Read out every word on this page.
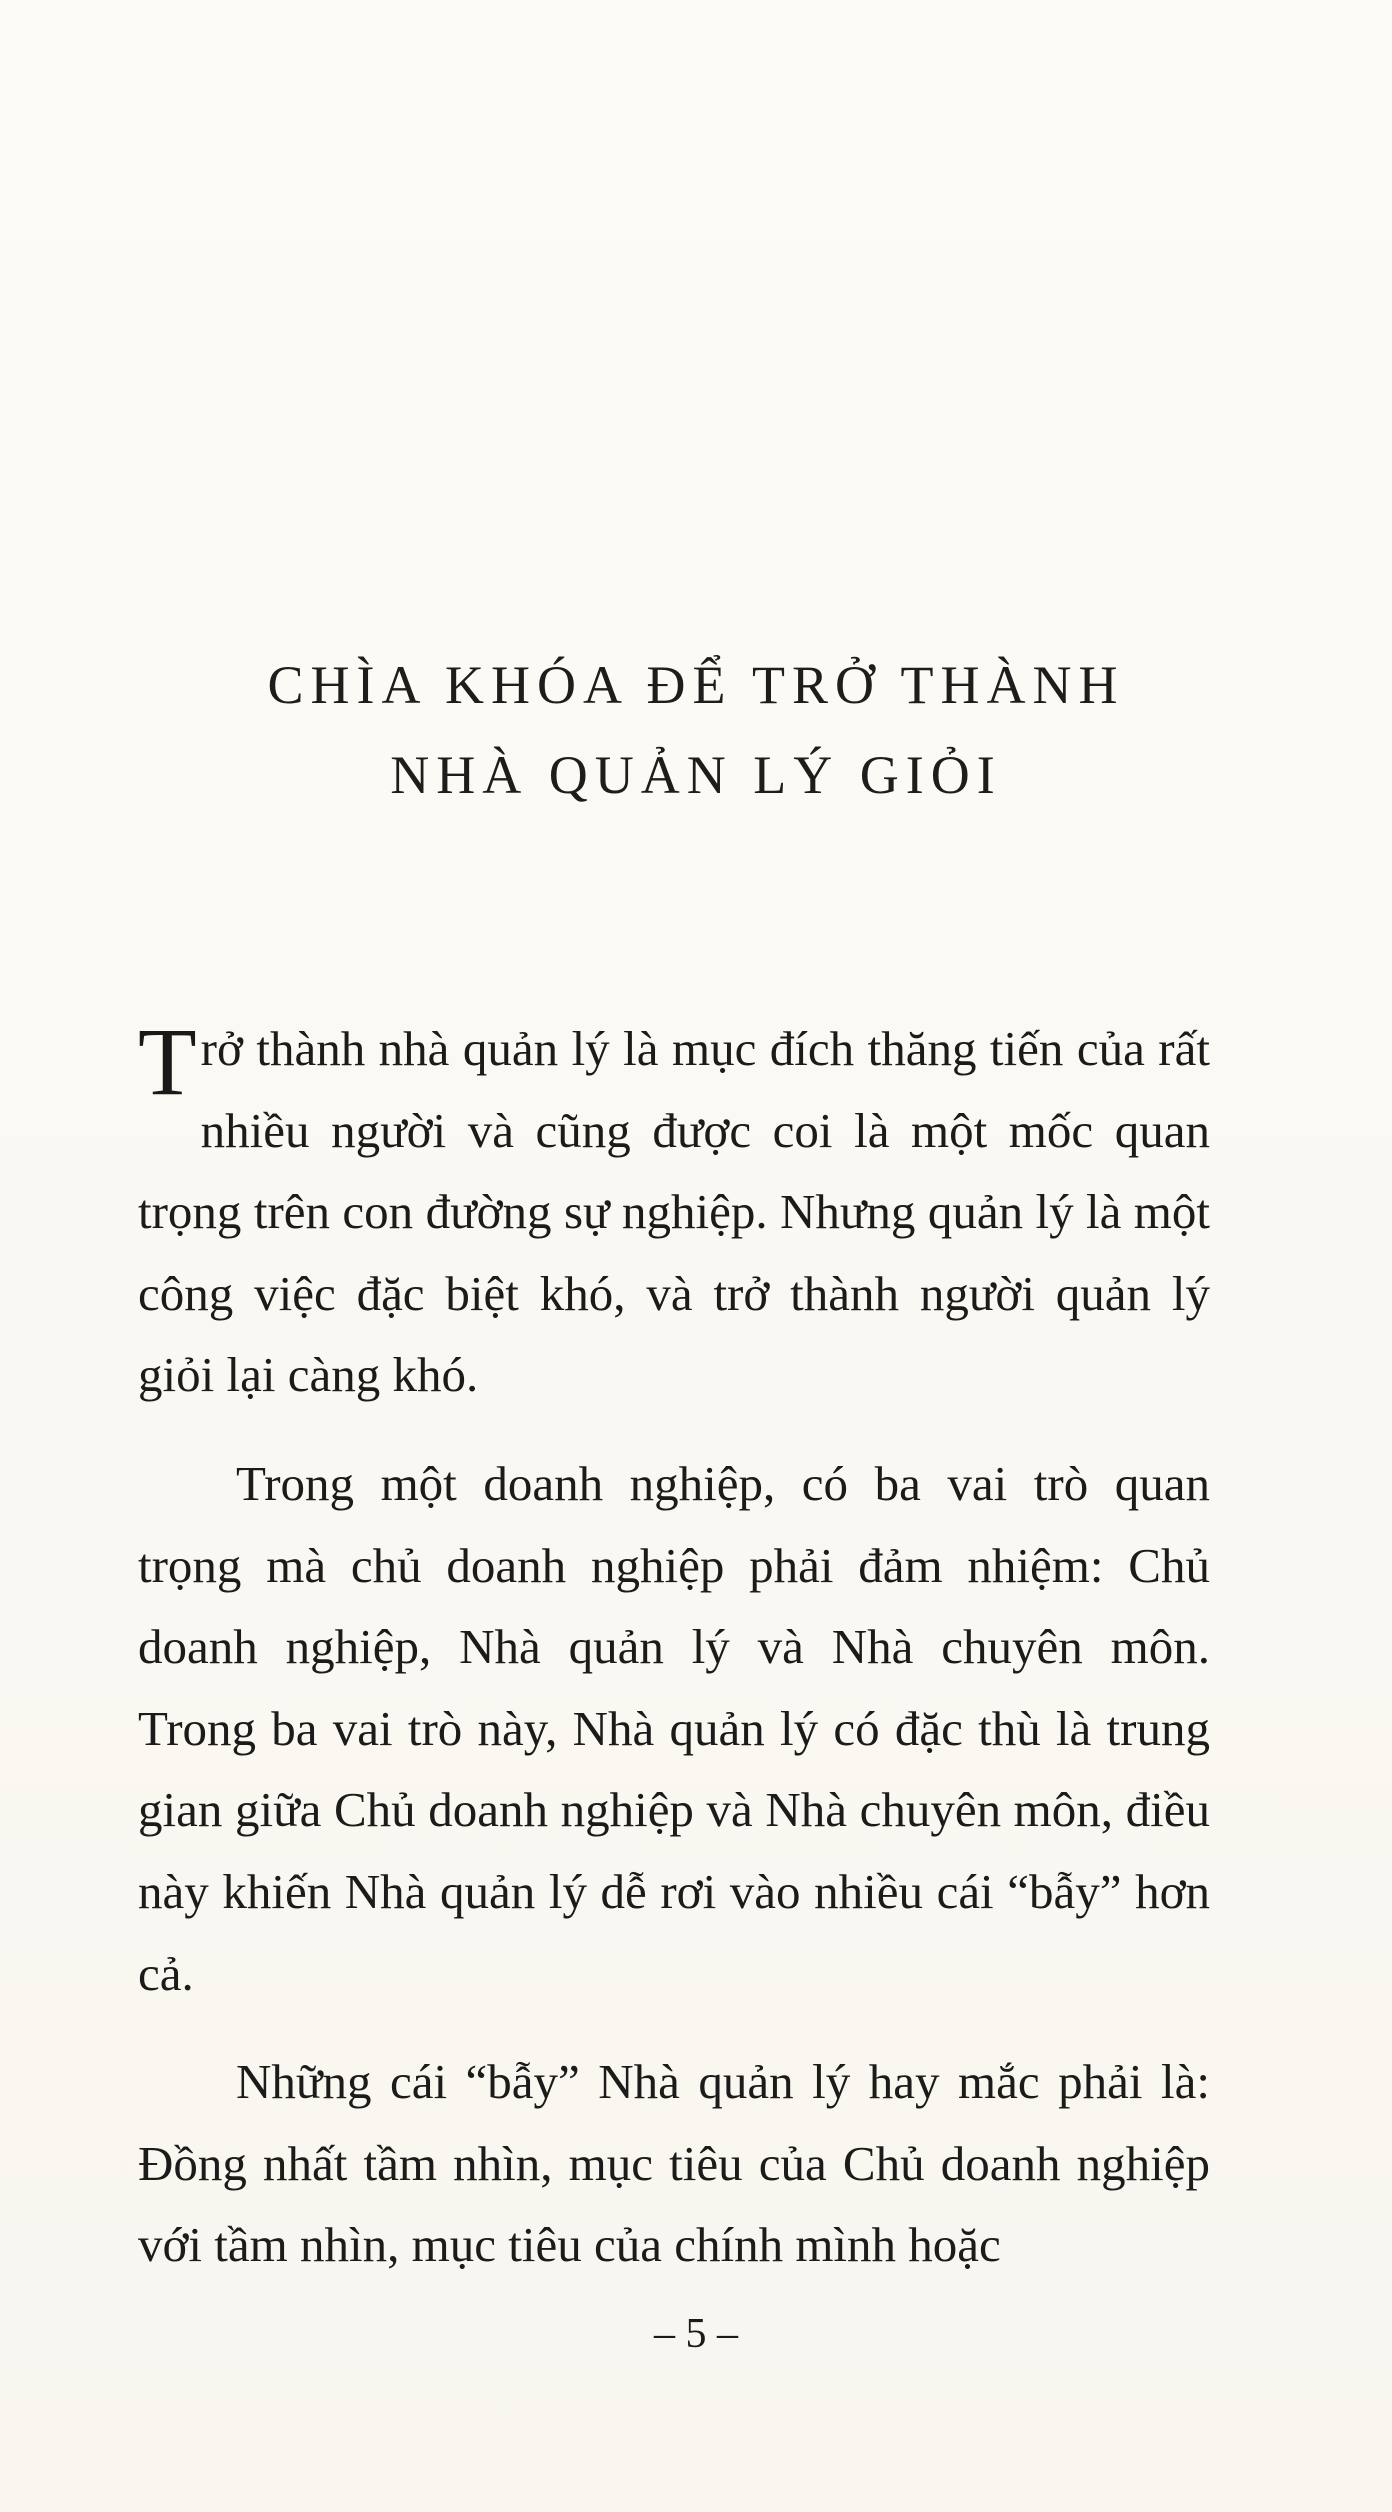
CHÌA KHÓA ĐỂ TRỞ THÀNH
NHÀ QUẢN LÝ GIỎI

Trở thành nhà quản lý là mục đích thăng tiến của rất nhiều người và cũng được coi là một mốc quan trọng trên con đường sự nghiệp. Nhưng quản lý là một công việc đặc biệt khó, và trở thành người quản lý giỏi lại càng khó.

Trong một doanh nghiệp, có ba vai trò quan trọng mà chủ doanh nghiệp phải đảm nhiệm: Chủ doanh nghiệp, Nhà quản lý và Nhà chuyên môn. Trong ba vai trò này, Nhà quản lý có đặc thù là trung gian giữa Chủ doanh nghiệp và Nhà chuyên môn, điều này khiến Nhà quản lý dễ rơi vào nhiều cái “bẫy” hơn cả.

Những cái “bẫy” Nhà quản lý hay mắc phải là: Đồng nhất tầm nhìn, mục tiêu của Chủ doanh nghiệp với tầm nhìn, mục tiêu của chính mình hoặc

– 5 –
